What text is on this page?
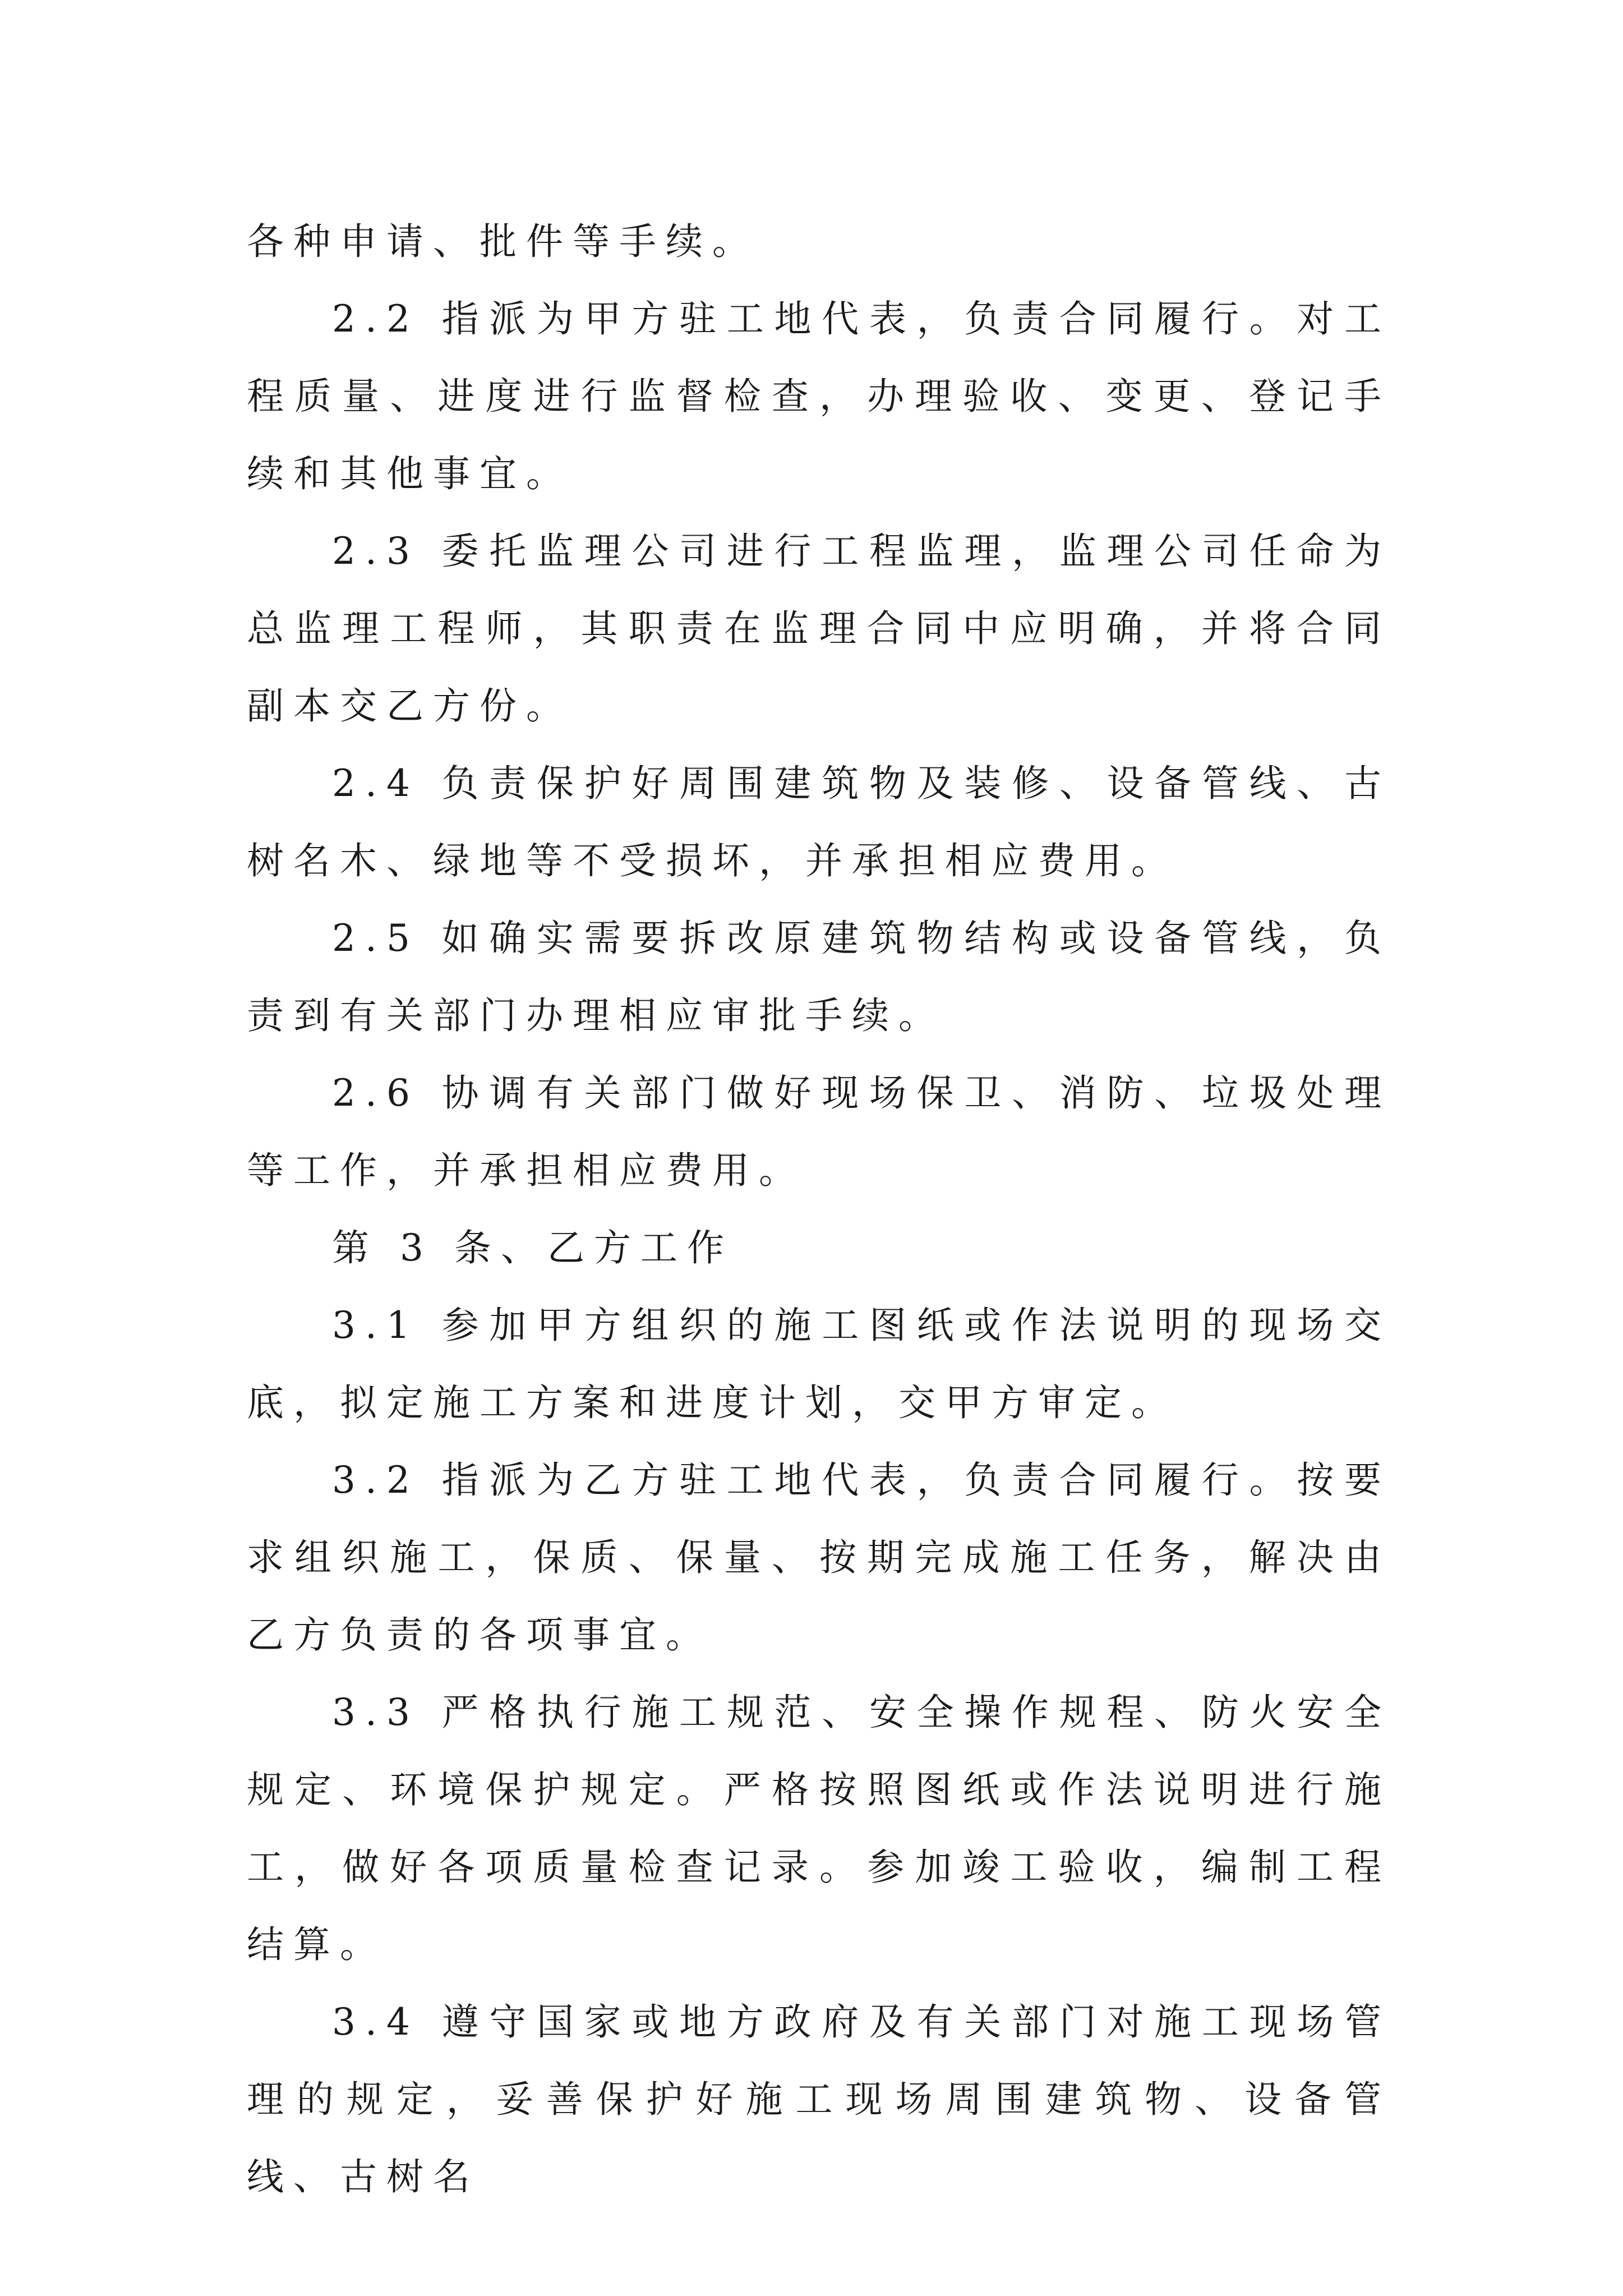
各种申请、批件等手续。

2.2 指派为甲方驻工地代表，负责合同履行。对工程质量、进度进行监督检查，办理验收、变更、登记手续和其他事宜。

2.3 委托监理公司进行工程监理，监理公司任命为总监理工程师，其职责在监理合同中应明确，并将合同副本交乙方份。

2.4 负责保护好周围建筑物及装修、设备管线、古树名木、绿地等不受损坏，并承担相应费用。

2.5 如确实需要拆改原建筑物结构或设备管线，负责到有关部门办理相应审批手续。

2.6 协调有关部门做好现场保卫、消防、垃圾处理等工作，并承担相应费用。

第 3 条、乙方工作

3.1 参加甲方组织的施工图纸或作法说明的现场交底，拟定施工方案和进度计划，交甲方审定。

3.2 指派为乙方驻工地代表，负责合同履行。按要求组织施工，保质、保量、按期完成施工任务，解决由乙方负责的各项事宜。

3.3 严格执行施工规范、安全操作规程、防火安全规定、环境保护规定。严格按照图纸或作法说明进行施工，做好各项质量检查记录。参加竣工验收，编制工程结算。

3.4 遵守国家或地方政府及有关部门对施工现场管理的规定，妥善保护好施工现场周围建筑物、设备管线、古树名
